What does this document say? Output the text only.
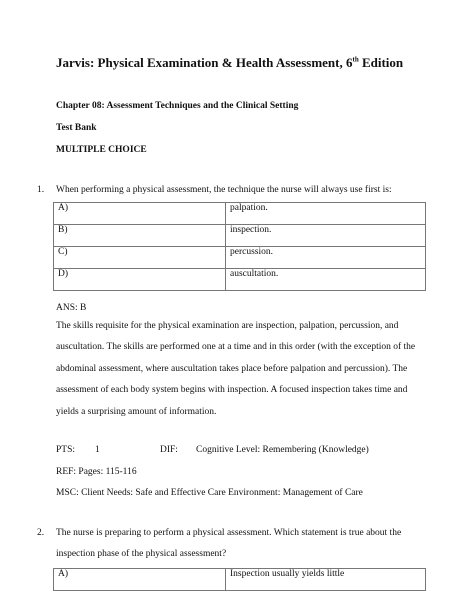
Jarvis: Physical Examination & Health Assessment, 6th Edition
Chapter 08: Assessment Techniques and the Clinical Setting
Test Bank
MULTIPLE CHOICE
1. When performing a physical assessment, the technique the nurse will always use first is:
A)	palpation.
B)	inspection.
C)	percussion.
D)	auscultation.
ANS: B
The skills requisite for the physical examination are inspection, palpation, percussion, and auscultation. The skills are performed one at a time and in this order (with the exception of the abdominal assessment, where auscultation takes place before palpation and percussion). The assessment of each body system begins with inspection. A focused inspection takes time and yields a surprising amount of information.
PTS: 1	DIF: Cognitive Level: Remembering (Knowledge)
REF: Pages: 115-116
MSC: Client Needs: Safe and Effective Care Environment: Management of Care
2. The nurse is preparing to perform a physical assessment. Which statement is true about the
inspection phase of the physical assessment?
A)	Inspection usually yields little
